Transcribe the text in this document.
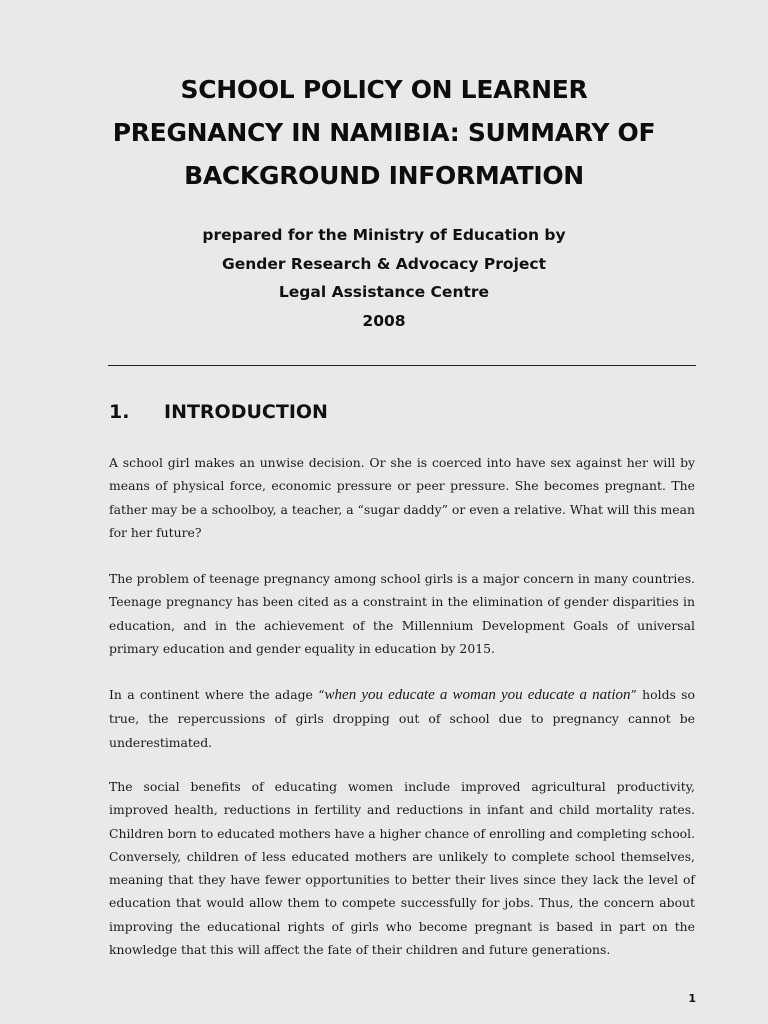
SCHOOL POLICY ON LEARNER
PREGNANCY IN NAMIBIA: SUMMARY OF
BACKGROUND INFORMATION
prepared for the Ministry of Education by
Gender Research & Advocacy Project
Legal Assistance Centre
2008
1. INTRODUCTION

A school girl makes an unwise decision. Or she is coerced into have sex against her will by means of physical force, economic pressure or peer pressure. She becomes pregnant. The father may be a schoolboy, a teacher, a “sugar daddy” or even a relative. What will this mean for her future?

The problem of teenage pregnancy among school girls is a major concern in many countries. Teenage pregnancy has been cited as a constraint in the elimination of gender disparities in education, and in the achievement of the Millennium Development Goals of universal primary education and gender equality in education by 2015.

In a continent where the adage “when you educate a woman you educate a nation” holds so true, the repercussions of girls dropping out of school due to pregnancy cannot be underestimated.

The social benefits of educating women include improved agricultural productivity, improved health, reductions in fertility and reductions in infant and child mortality rates. Children born to educated mothers have a higher chance of enrolling and completing school. Conversely, children of less educated mothers are unlikely to complete school themselves, meaning that they have fewer opportunities to better their lives since they lack the level of education that would allow them to compete successfully for jobs. Thus, the concern about improving the educational rights of girls who become pregnant is based in part on the knowledge that this will affect the fate of their children and future generations.

1
